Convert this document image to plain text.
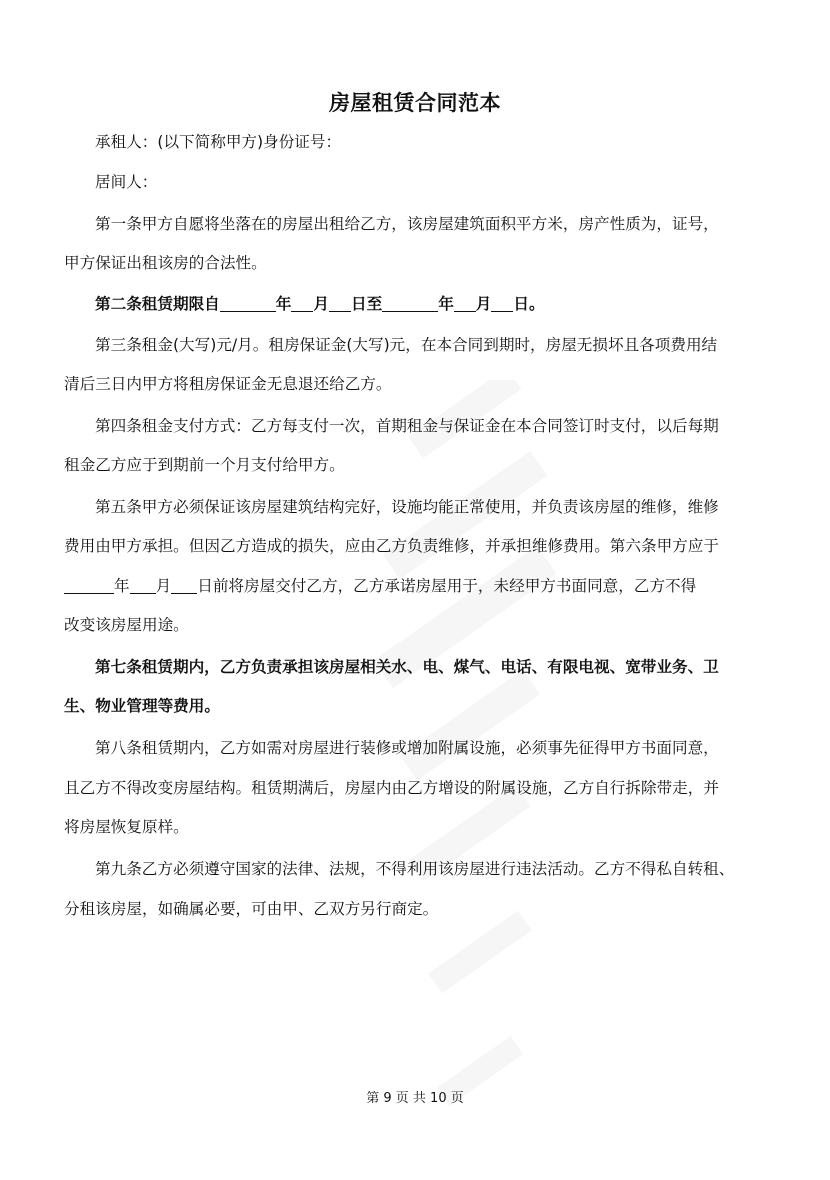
房屋租赁合同范本
承租人：(以下简称甲方)身份证号：
居间人：
第一条甲方自愿将坐落在的房屋出租给乙方，该房屋建筑面积平方米，房产性质为，证号，
甲方保证出租该房的合法性。
第二条租赁期限自	年 月 日至	年 月 日。
第三条租金(大写)元/月。租房保证金(大写)元，在本合同到期时，房屋无损坏且各项费用结
清后三日内甲方将租房保证金无息退还给乙方。
第四条租金支付方式：乙方每支付一次，首期租金与保证金在本合同签订时支付，以后每期
租金乙方应于到期前一个月支付给甲方。
第五条甲方必须保证该房屋建筑结构完好，设施均能正常使用，并负责该房屋的维修，维修
费用由甲方承担。但因乙方造成的损失，应由乙方负责维修，并承担维修费用。第六条甲方应于
年 月 日前将房屋交付乙方，乙方承诺房屋用于，未经甲方书面同意，乙方不得
改变该房屋用途。
第七条租赁期内，乙方负责承担该房屋相关水、电、煤气、电话、有限电视、宽带业务、卫
生、物业管理等费用。
第八条租赁期内，乙方如需对房屋进行装修或增加附属设施，必须事先征得甲方书面同意，
且乙方不得改变房屋结构。租赁期满后，房屋内由乙方增设的附属设施，乙方自行拆除带走，并
将房屋恢复原样。
第九条乙方必须遵守国家的法律、法规，不得利用该房屋进行违法活动。乙方不得私自转租、
分租该房屋，如确属必要，可由甲、乙双方另行商定。
第 9 页 共 10 页
